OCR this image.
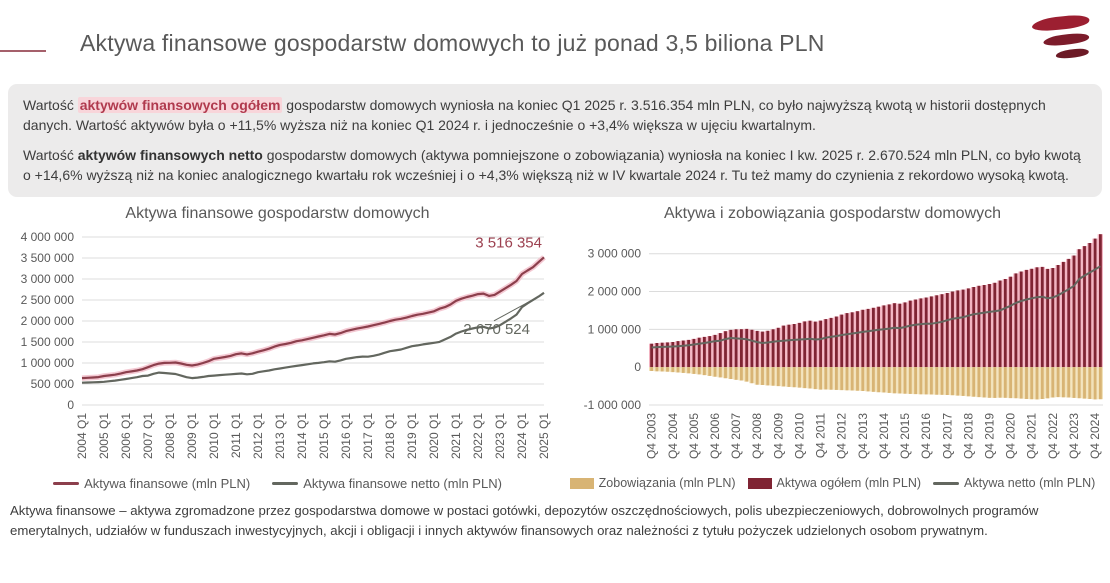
Aktywa finansowe gospodarstw domowych to już ponad 3,5 biliona PLN

Wartość aktywów finansowych ogółem gospodarstw domowych wyniosła na koniec Q1 2025 r. 3.516.354 mln PLN, co było najwyższą kwotą w historii dostępnych danych. Wartość aktywów była o +11,5% wyższa niż na koniec Q1 2024 r. i jednocześnie o +3,4% większa w ujęciu kwartalnym.

Wartość aktywów finansowych netto gospodarstw domowych (aktywa pomniejszone o zobowiązania) wyniosła na koniec I kw. 2025 r. 2.670.524 mln PLN, co było kwotą o +14,6% wyższą niż na koniec analogicznego kwartału rok wcześniej i o +4,3% większą niż w IV kwartale 2024 r. Tu też mamy do czynienia z rekordowo wysoką kwotą.

Aktywa finansowe gospodarstw domowych
0
500 000
1 000 000
1 500 000
2 000 000
2 500 000
3 000 000
3 500 000
4 000 000
2004 Q1 2005 Q1 2006 Q1 2007 Q1 2008 Q1 2009 Q1 2010 Q1 2011 Q1 2012 Q1 2013 Q1 2014 Q1 2015 Q1 2016 Q1 2017 Q1 2018 Q1 2019 Q1 2020 Q1 2021 Q1 2022 Q1 2023 Q1 2024 Q1 2025 Q1
3 516 354
2 670 524
Aktywa finansowe (mln PLN)	Aktywa finansowe netto (mln PLN)
Aktywa i zobowiązania gospodarstw domowych
-1 000 000
0
1 000 000
2 000 000
3 000 000
Q4 2003 Q4 2004 Q4 2005 Q4 2006 Q4 2007 Q4 2008 Q4 2009 Q4 2010 Q4 2011 Q4 2012 Q4 2013 Q4 2014 Q4 2015 Q4 2016 Q4 2017 Q4 2018 Q4 2019 Q4 2020 Q4 2021 Q4 2022 Q4 2023 Q4 2024
Zobowiązania (mln PLN)	Aktywa ogółem (mln PLN)	Aktywa netto (mln PLN)
Aktywa finansowe – aktywa zgromadzone przez gospodarstwa domowe w postaci gotówki, depozytów oszczędnościowych, polis ubezpieczeniowych, dobrowolnych programów emerytalnych, udziałów w funduszach inwestycyjnych, akcji i obligacji i innych aktywów finansowych oraz należności z tytułu pożyczek udzielonych osobom prywatnym.
